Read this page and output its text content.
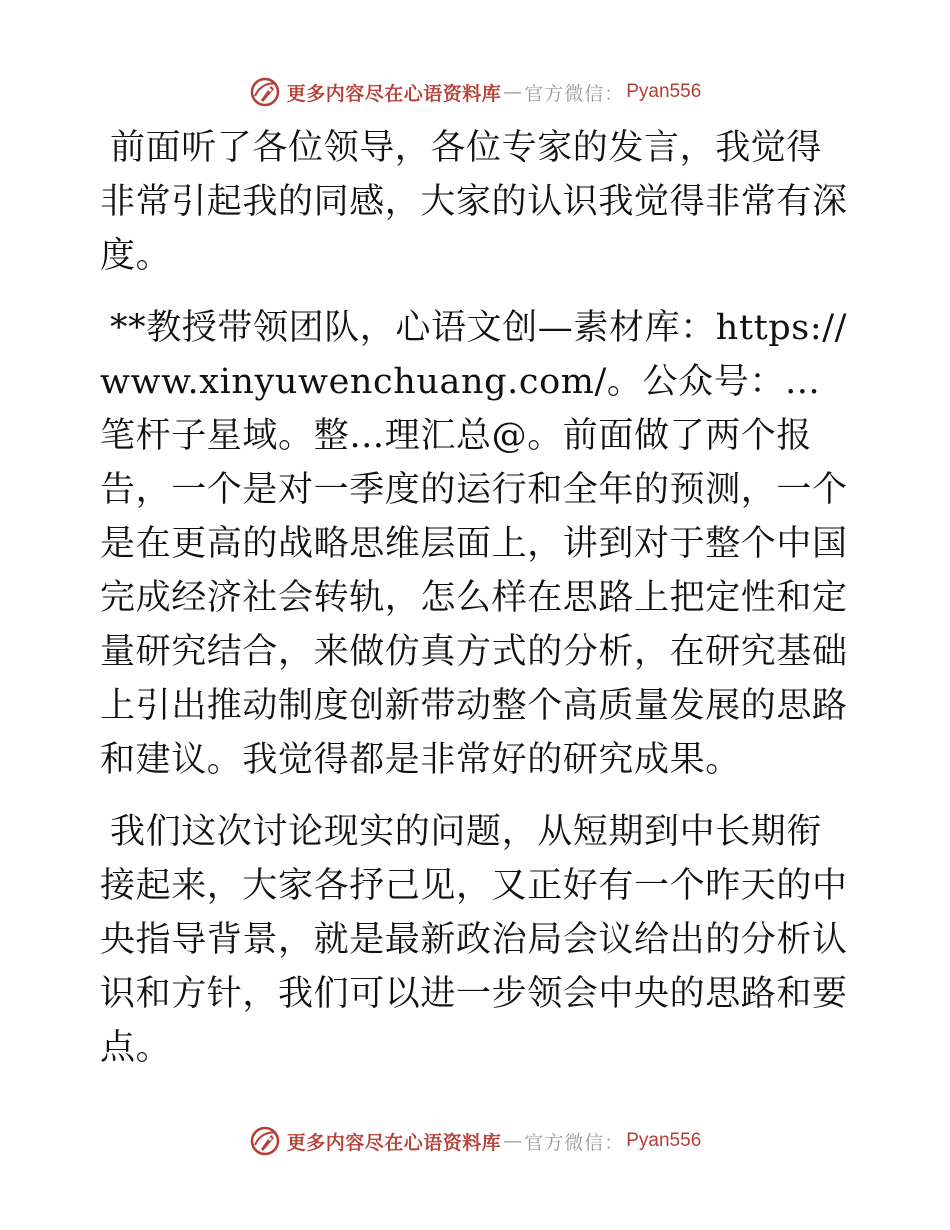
更多内容尽在心语资料库 — 官方微信： Pyan556

前面听了各位领导，各位专家的发言，我觉得非常引起我的同感，大家的认识我觉得非常有深度。

**教授带领团队，心语文创—素材库：https://www.xinyuwenchuang.com/。公众号：…笔杆子星域。整…理汇总@。前面做了两个报告，一个是对一季度的运行和全年的预测，一个是在更高的战略思维层面上，讲到对于整个中国完成经济社会转轨，怎么样在思路上把定性和定量研究结合，来做仿真方式的分析，在研究基础上引出推动制度创新带动整个高质量发展的思路和建议。我觉得都是非常好的研究成果。

我们这次讨论现实的问题，从短期到中长期衔接起来，大家各抒己见，又正好有一个昨天的中央指导背景，就是最新政治局会议给出的分析认识和方针，我们可以进一步领会中央的思路和要点。

更多内容尽在心语资料库 — 官方微信： Pyan556
